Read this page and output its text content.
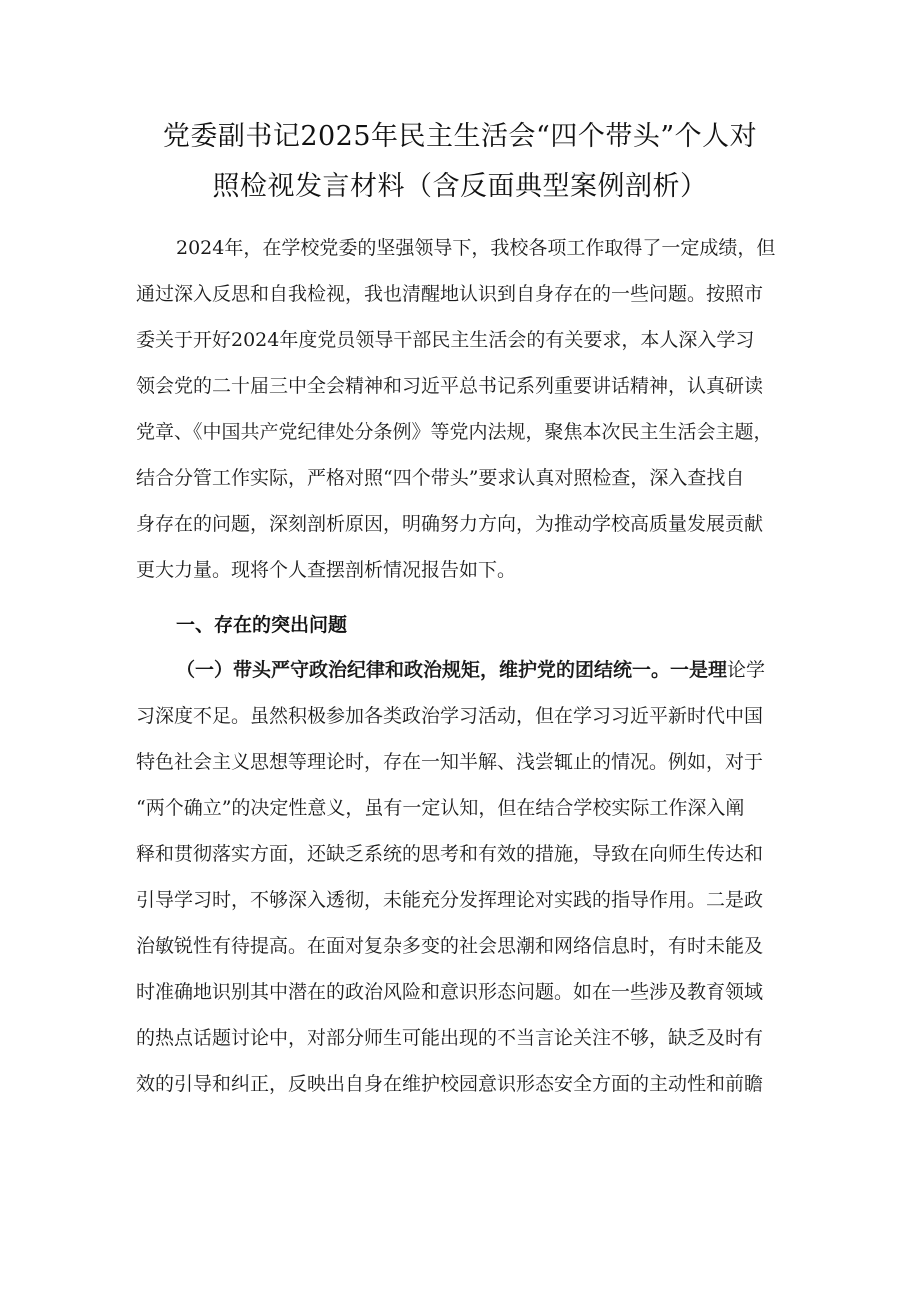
党委副书记2025年民主生活会“四个带头”个人对
照检视发言材料（含反面典型案例剖析）
2024年，在学校党委的坚强领导下，我校各项工作取得了一定成绩，但
通过深入反思和自我检视，我也清醒地认识到自身存在的一些问题。按照市
委关于开好2024年度党员领导干部民主生活会的有关要求，本人深入学习
领会党的二十届三中全会精神和习近平总书记系列重要讲话精神，认真研读
党章、《中国共产党纪律处分条例》等党内法规，聚焦本次民主生活会主题，
结合分管工作实际，严格对照“四个带头”要求认真对照检查，深入查找自
身存在的问题，深刻剖析原因，明确努力方向，为推动学校高质量发展贡献
更大力量。现将个人查摆剖析情况报告如下。
一、存在的突出问题
（一）带头严守政治纪律和政治规矩，维护党的团结统一。一是理论学
习深度不足。虽然积极参加各类政治学习活动，但在学习习近平新时代中国
特色社会主义思想等理论时，存在一知半解、浅尝辄止的情况。例如，对于
“两个确立”的决定性意义，虽有一定认知，但在结合学校实际工作深入阐
释和贯彻落实方面，还缺乏系统的思考和有效的措施，导致在向师生传达和
引导学习时，不够深入透彻，未能充分发挥理论对实践的指导作用。二是政
治敏锐性有待提高。在面对复杂多变的社会思潮和网络信息时，有时未能及
时准确地识别其中潜在的政治风险和意识形态问题。如在一些涉及教育领域
的热点话题讨论中，对部分师生可能出现的不当言论关注不够，缺乏及时有
效的引导和纠正，反映出自身在维护校园意识形态安全方面的主动性和前瞻
